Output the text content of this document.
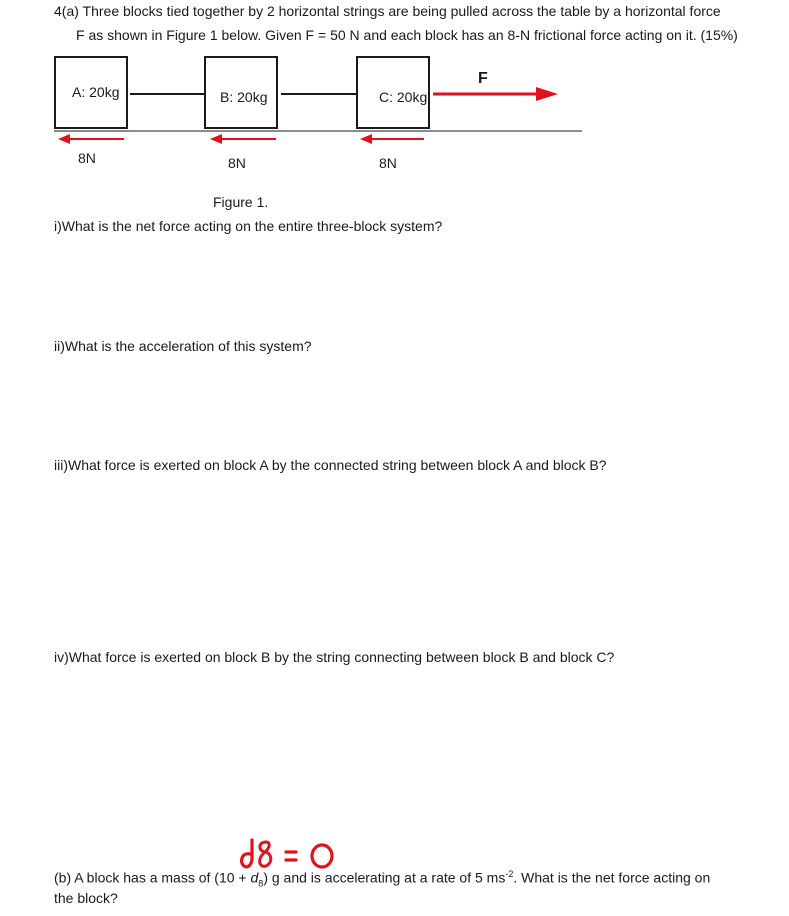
4(a) Three blocks tied together by 2 horizontal strings are being pulled across the table by a horizontal force
F as shown in Figure 1 below. Given F = 50 N and each block has an 8-N frictional force acting on it. (15%)
A: 20kg	B: 20kg	C: 20kg
F
8N	8N	8N
Figure 1.
i)What is the net force acting on the entire three-block system?
ii)What is the acceleration of this system?
iii)What force is exerted on block A by the connected string between block A and block B?
iv)What force is exerted on block B by the string connecting between block B and block C?
(b) A block has a mass of $(10 + d_8)$ g and is accelerating at a rate of 5 $ms^{-2}$. What is the net force acting on
the block?
